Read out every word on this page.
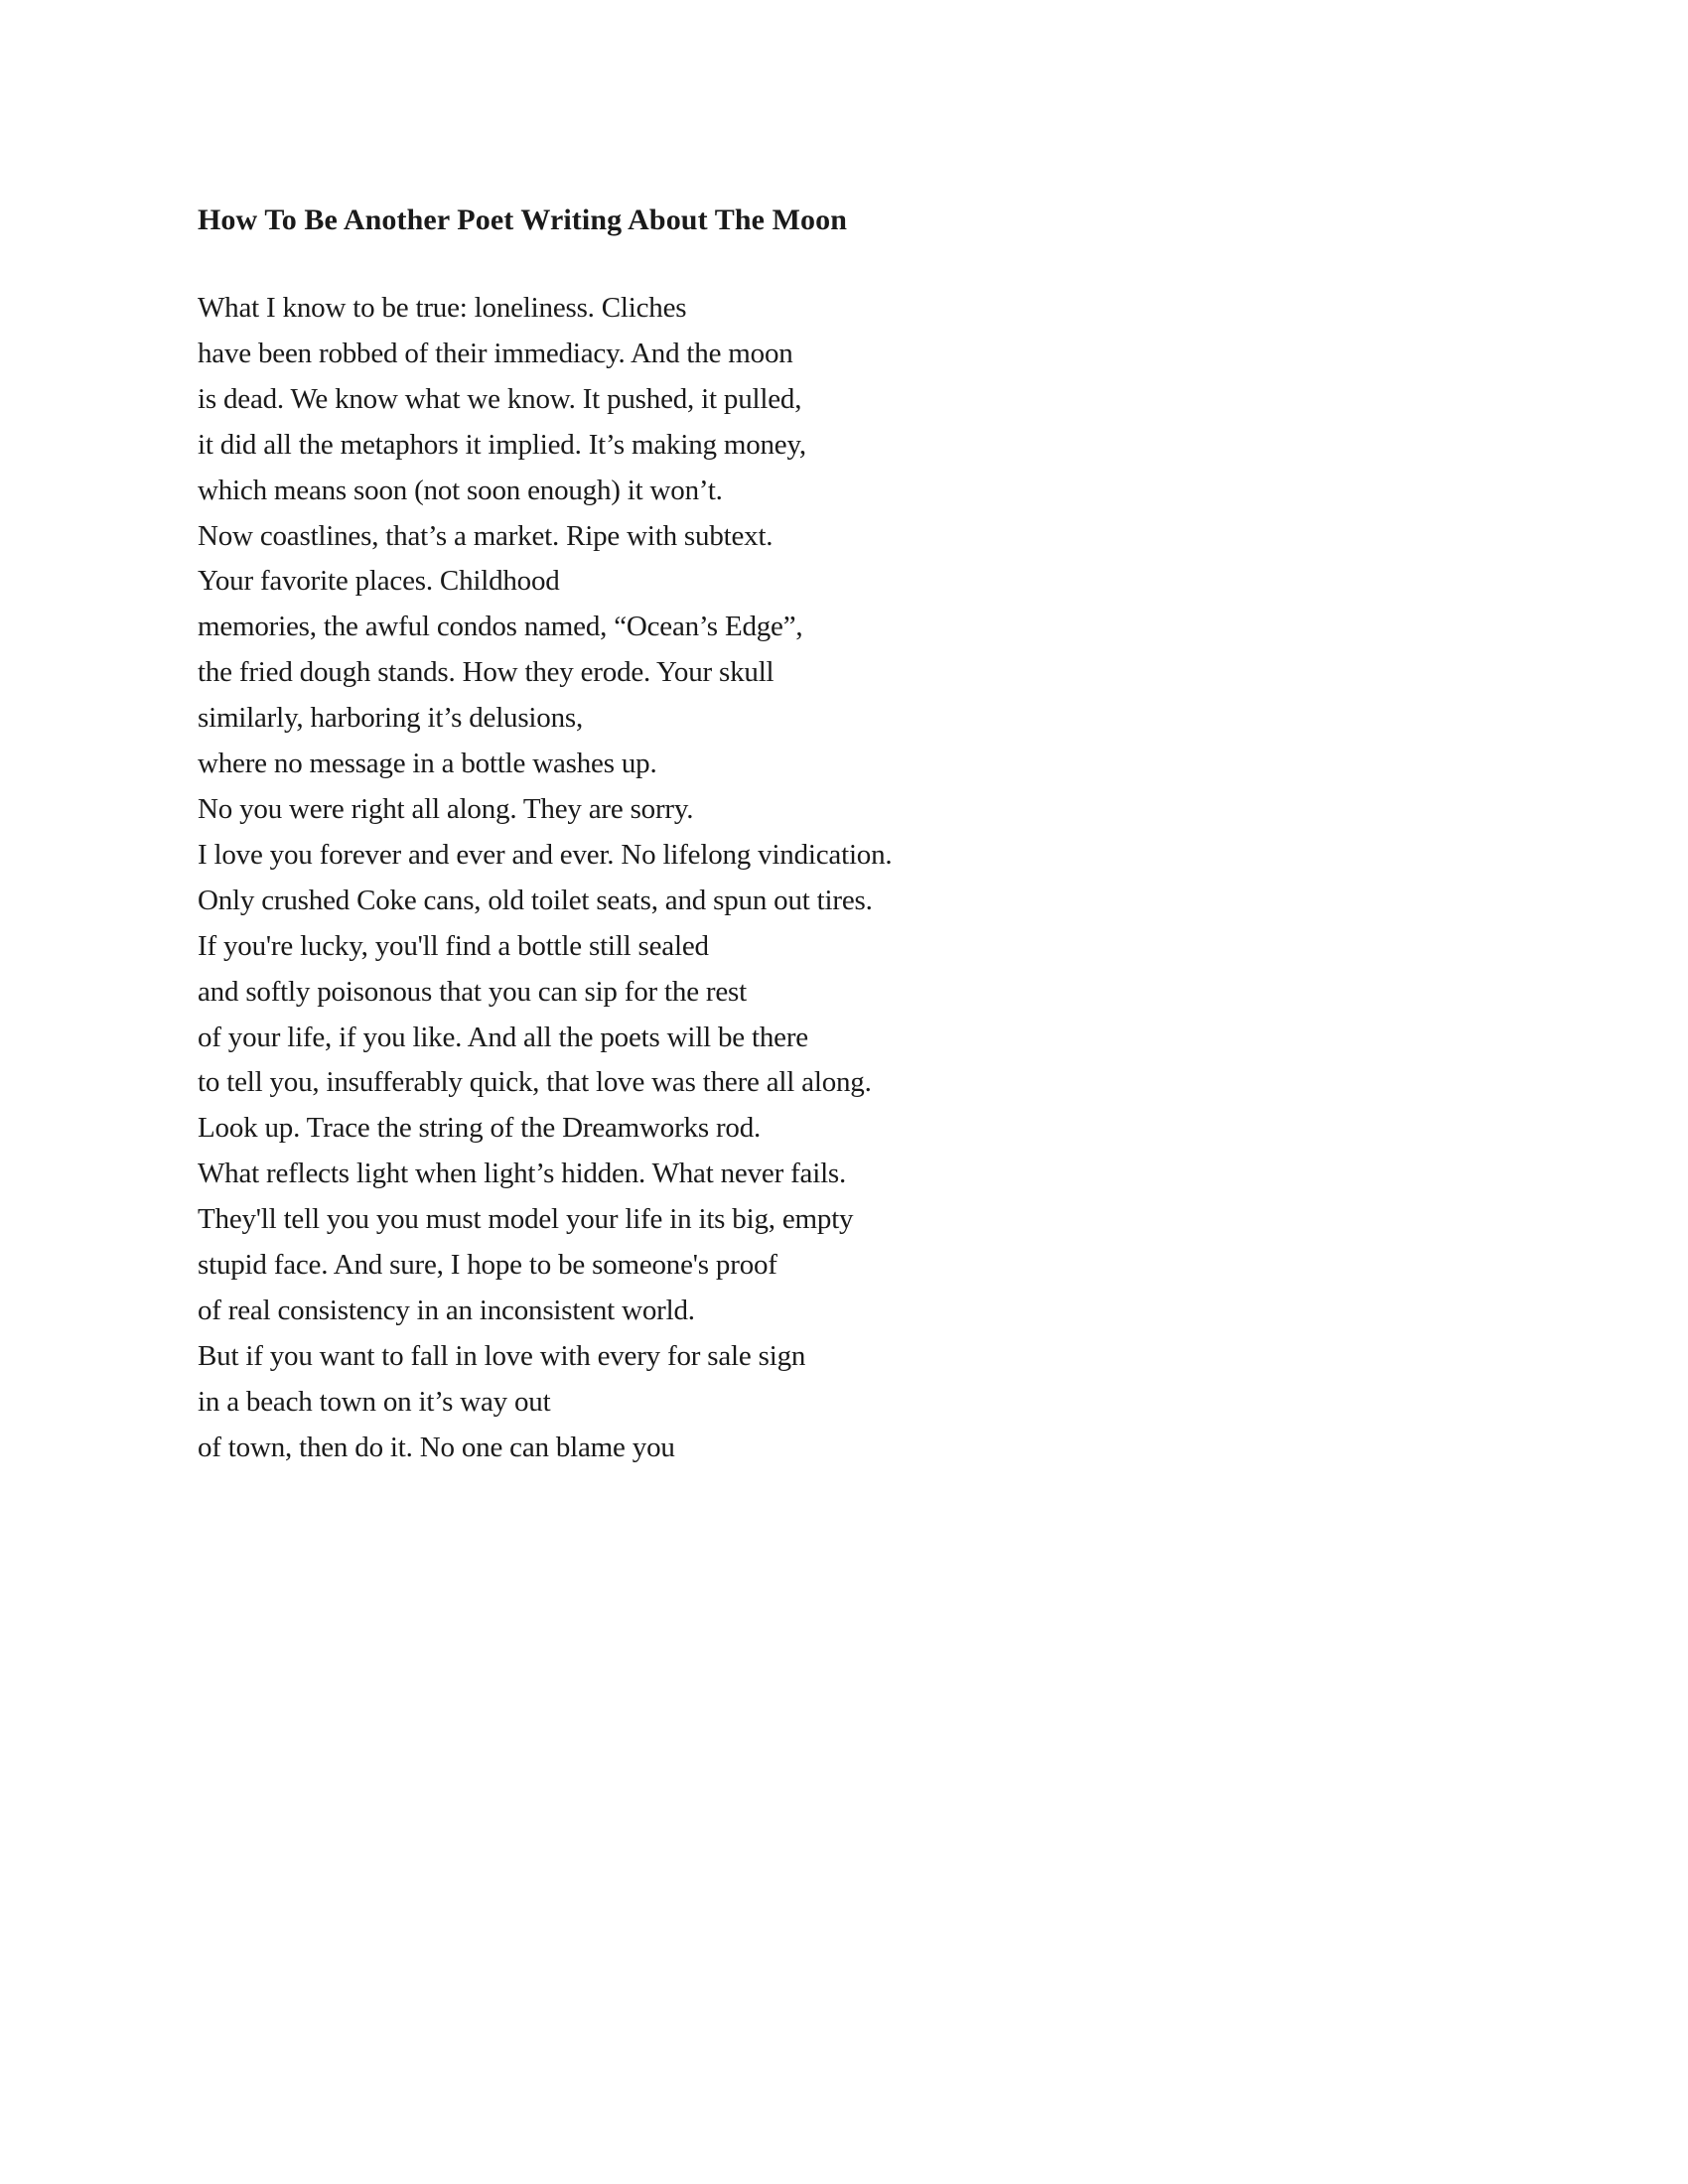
How To Be Another Poet Writing About The Moon
What I know to be true: loneliness. Cliches
have been robbed of their immediacy. And the moon
is dead. We know what we know. It pushed, it pulled,
it did all the metaphors it implied. It’s making money,
which means soon (not soon enough) it won’t.
Now coastlines, that’s a market. Ripe with subtext.
Your favorite places. Childhood
memories, the awful condos named, “Ocean’s Edge”,
the fried dough stands. How they erode. Your skull
similarly, harboring it’s delusions,
where no message in a bottle washes up.
No you were right all along. They are sorry.
I love you forever and ever and ever. No lifelong vindication.
Only crushed Coke cans, old toilet seats, and spun out tires.
If you're lucky, you'll find a bottle still sealed
and softly poisonous that you can sip for the rest
of your life, if you like. And all the poets will be there
to tell you, insufferably quick, that love was there all along.
Look up. Trace the string of the Dreamworks rod.
What reflects light when light’s hidden. What never fails.
They'll tell you you must model your life in its big, empty
stupid face. And sure, I hope to be someone's proof
of real consistency in an inconsistent world.
But if you want to fall in love with every for sale sign
in a beach town on it’s way out
of town, then do it. No one can blame you
